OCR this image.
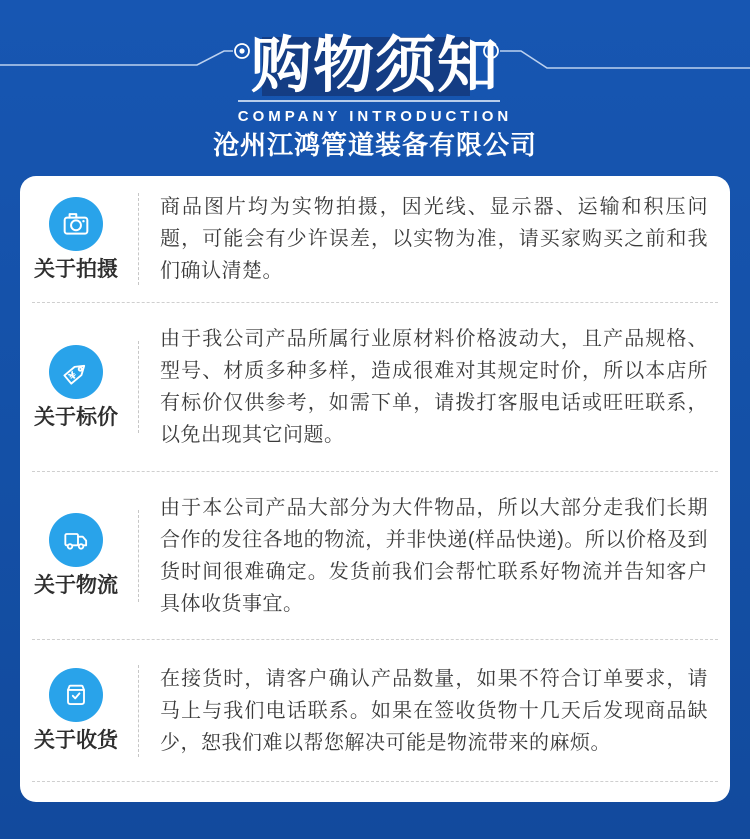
购物须知
COMPANY INTRODUCTION
沧州江鸿管道装备有限公司
关于拍摄

商品图片均为实物拍摄，因光线、显示器、运输和积压问题，可能会有少许误差，以实物为准，请买家购买之前和我们确认清楚。

¥
关于标价

由于我公司产品所属行业原材料价格波动大，且产品规格、型号、材质多种多样，造成很难对其规定时价，所以本店所有标价仅供参考，如需下单，请拨打客服电话或旺旺联系，以免出现其它问题。

关于物流

由于本公司产品大部分为大件物品，所以大部分走我们长期合作的发往各地的物流，并非快递(样品快递)。所以价格及到货时间很难确定。发货前我们会帮忙联系好物流并告知客户具体收货事宜。

关于收货

在接货时，请客户确认产品数量，如果不符合订单要求，请马上与我们电话联系。如果在签收货物十几天后发现商品缺少，恕我们难以帮您解决可能是物流带来的麻烦。
